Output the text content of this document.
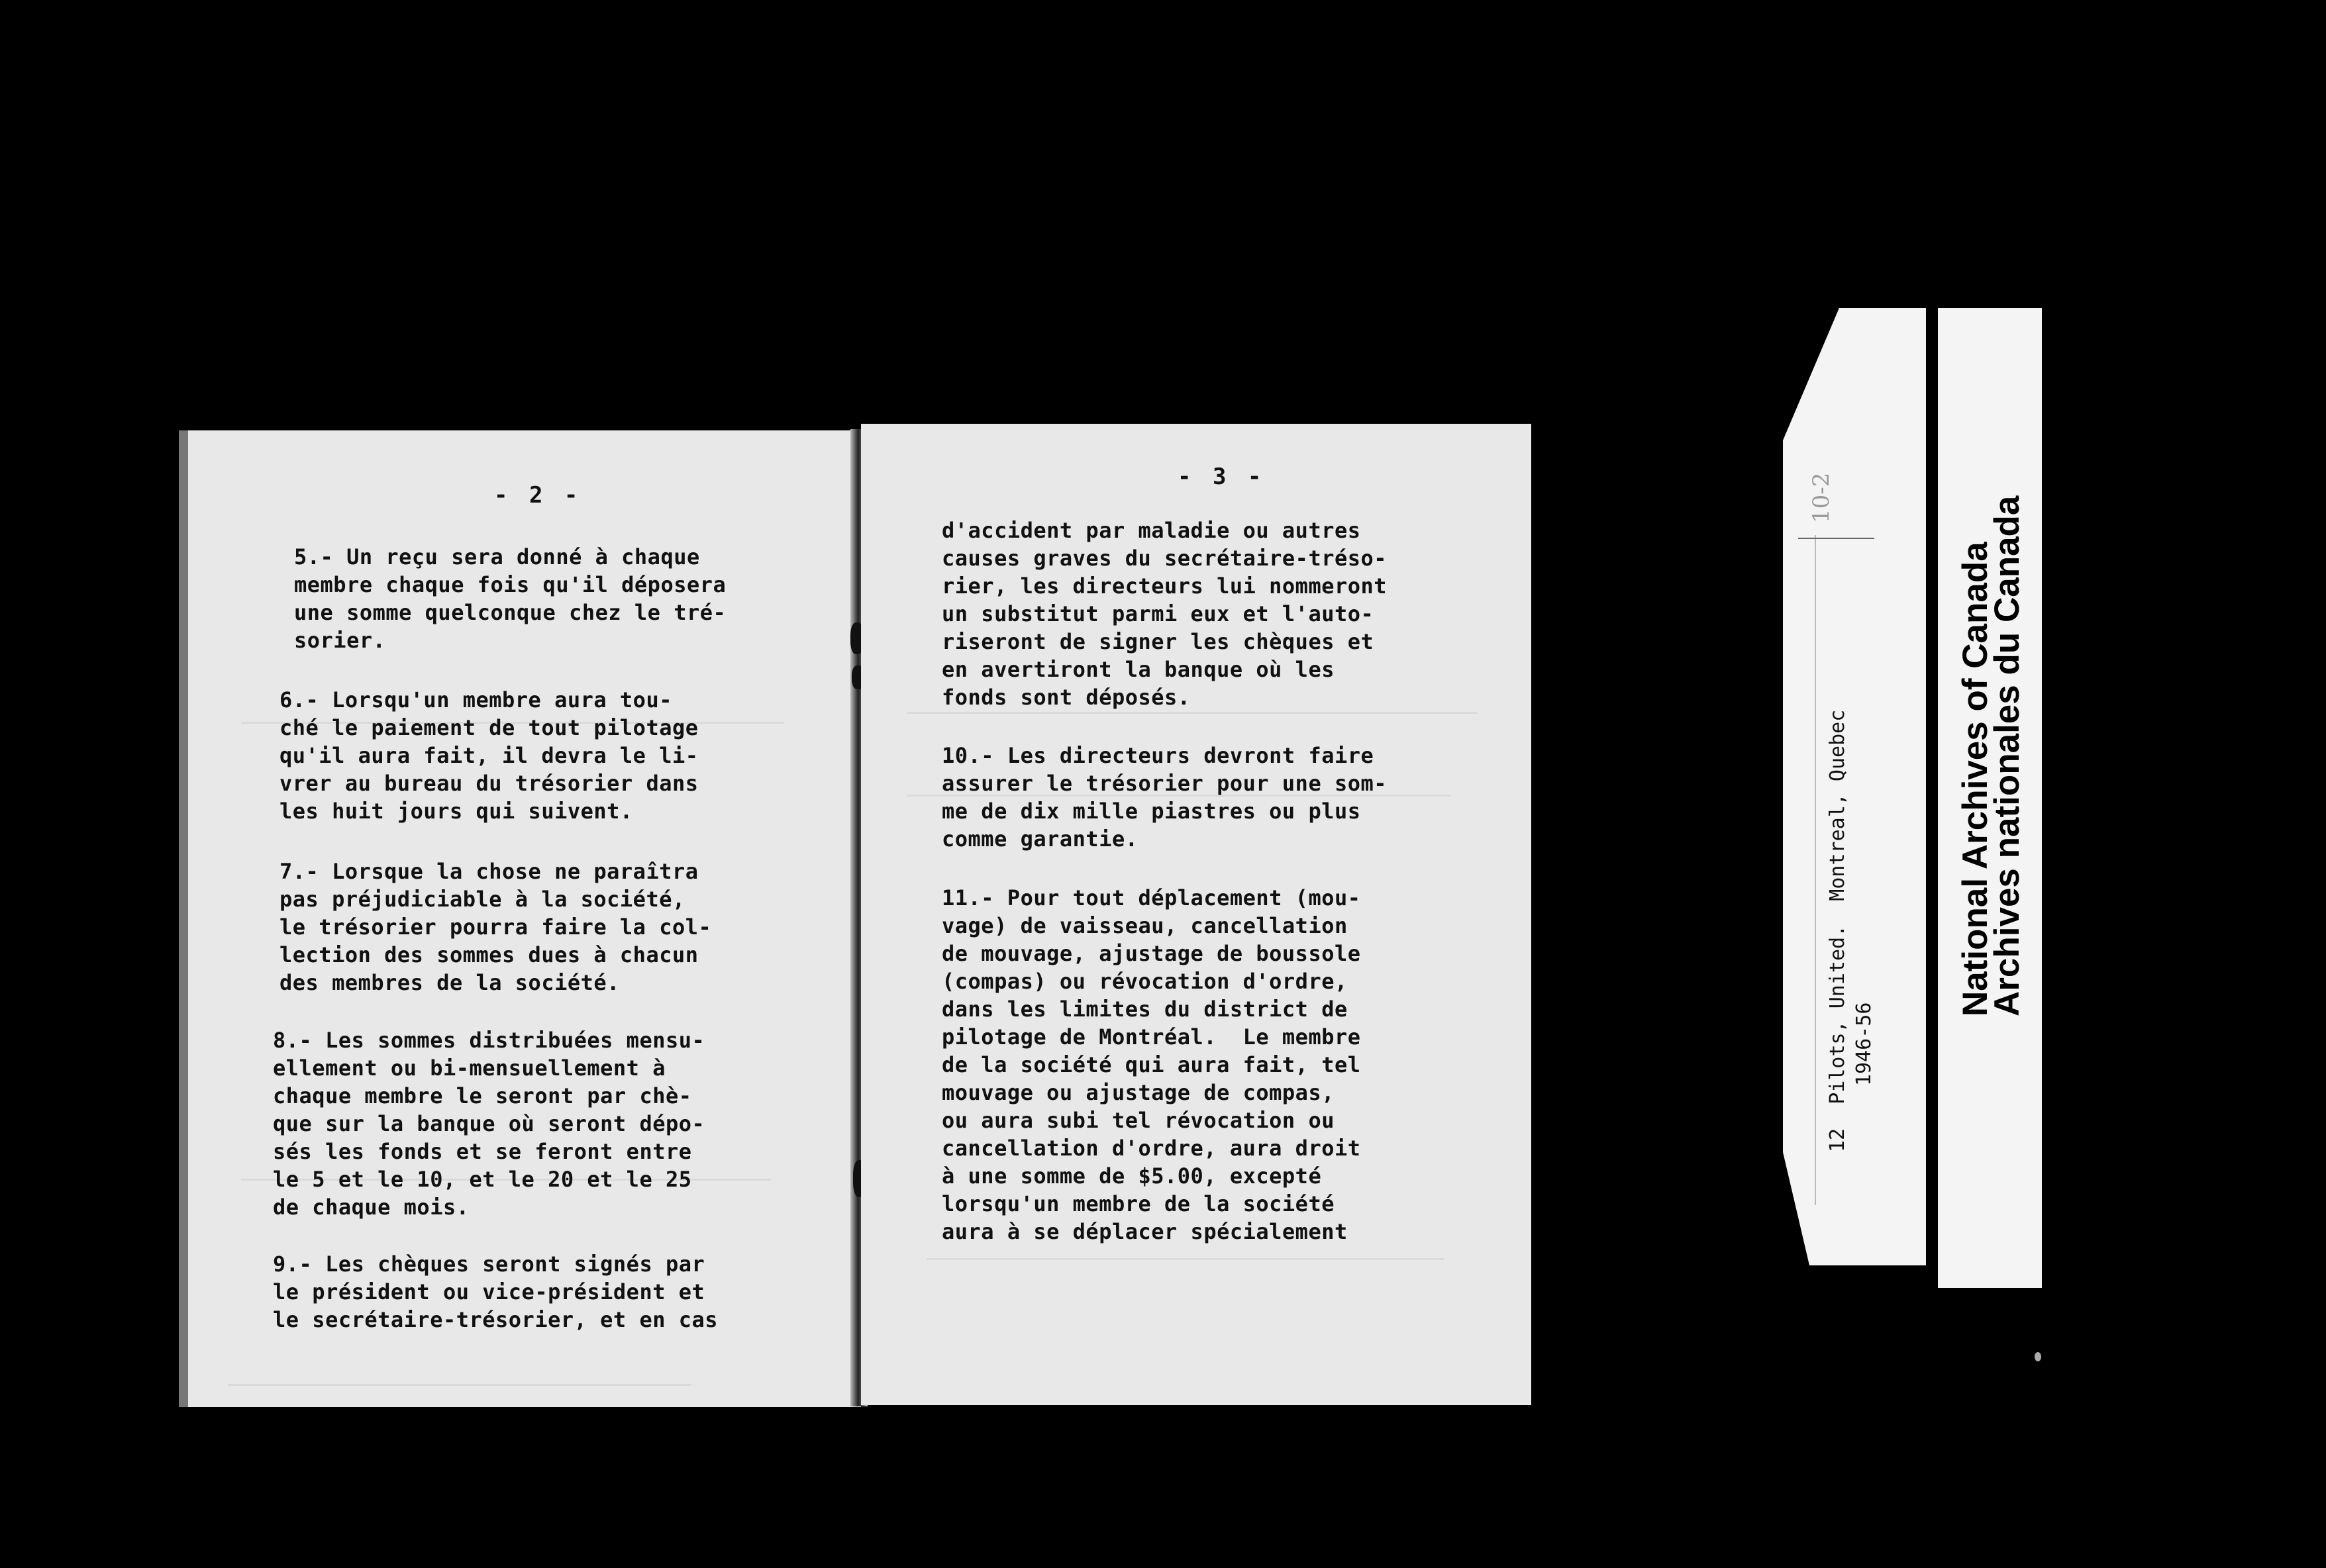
- 2 -

5.- Un reçu sera donné à chaque
membre chaque fois qu'il déposera
une somme quelconque chez le tré-
sorier.

6.- Lorsqu'un membre aura tou-
ché le paiement de tout pilotage
qu'il aura fait, il devra le li-
vrer au bureau du trésorier dans
les huit jours qui suivent.

7.- Lorsque la chose ne paraîtra
pas préjudiciable à la société,
le trésorier pourra faire la col-
lection des sommes dues à chacun
des membres de la société.

8.- Les sommes distribuées mensu-
ellement ou bi-mensuellement à
chaque membre le seront par chè-
que sur la banque où seront dépo-
sés les fonds et se feront entre
le 5 et le 10, et le 20 et le 25
de chaque mois.

9.- Les chèques seront signés par
le président ou vice-président et
le secrétaire-trésorier, et en cas

- 3 -

d'accident par maladie ou autres
causes graves du secrétaire-tréso-
rier, les directeurs lui nommeront
un substitut parmi eux et l'auto-
riseront de signer les chèques et
en avertiront la banque où les
fonds sont déposés.

10.- Les directeurs devront faire
assurer le trésorier pour une som-
me de dix mille piastres ou plus
comme garantie.

11.- Pour tout déplacement (mou-
vage) de vaisseau, cancellation
de mouvage, ajustage de boussole
(compas) ou révocation d'ordre,
dans les limites du district de
pilotage de Montréal.  Le membre
de la société qui aura fait, tel
mouvage ou ajustage de compas,
ou aura subi tel révocation ou
cancellation d'ordre, aura droit
à une somme de $5.00, excepté
lorsqu'un membre de la société
aura à se déplacer spécialement

10-2
12  Pilots, United.  Montreal, Quebec 1946-56
National Archives of Canada
Archives nationales du Canada
